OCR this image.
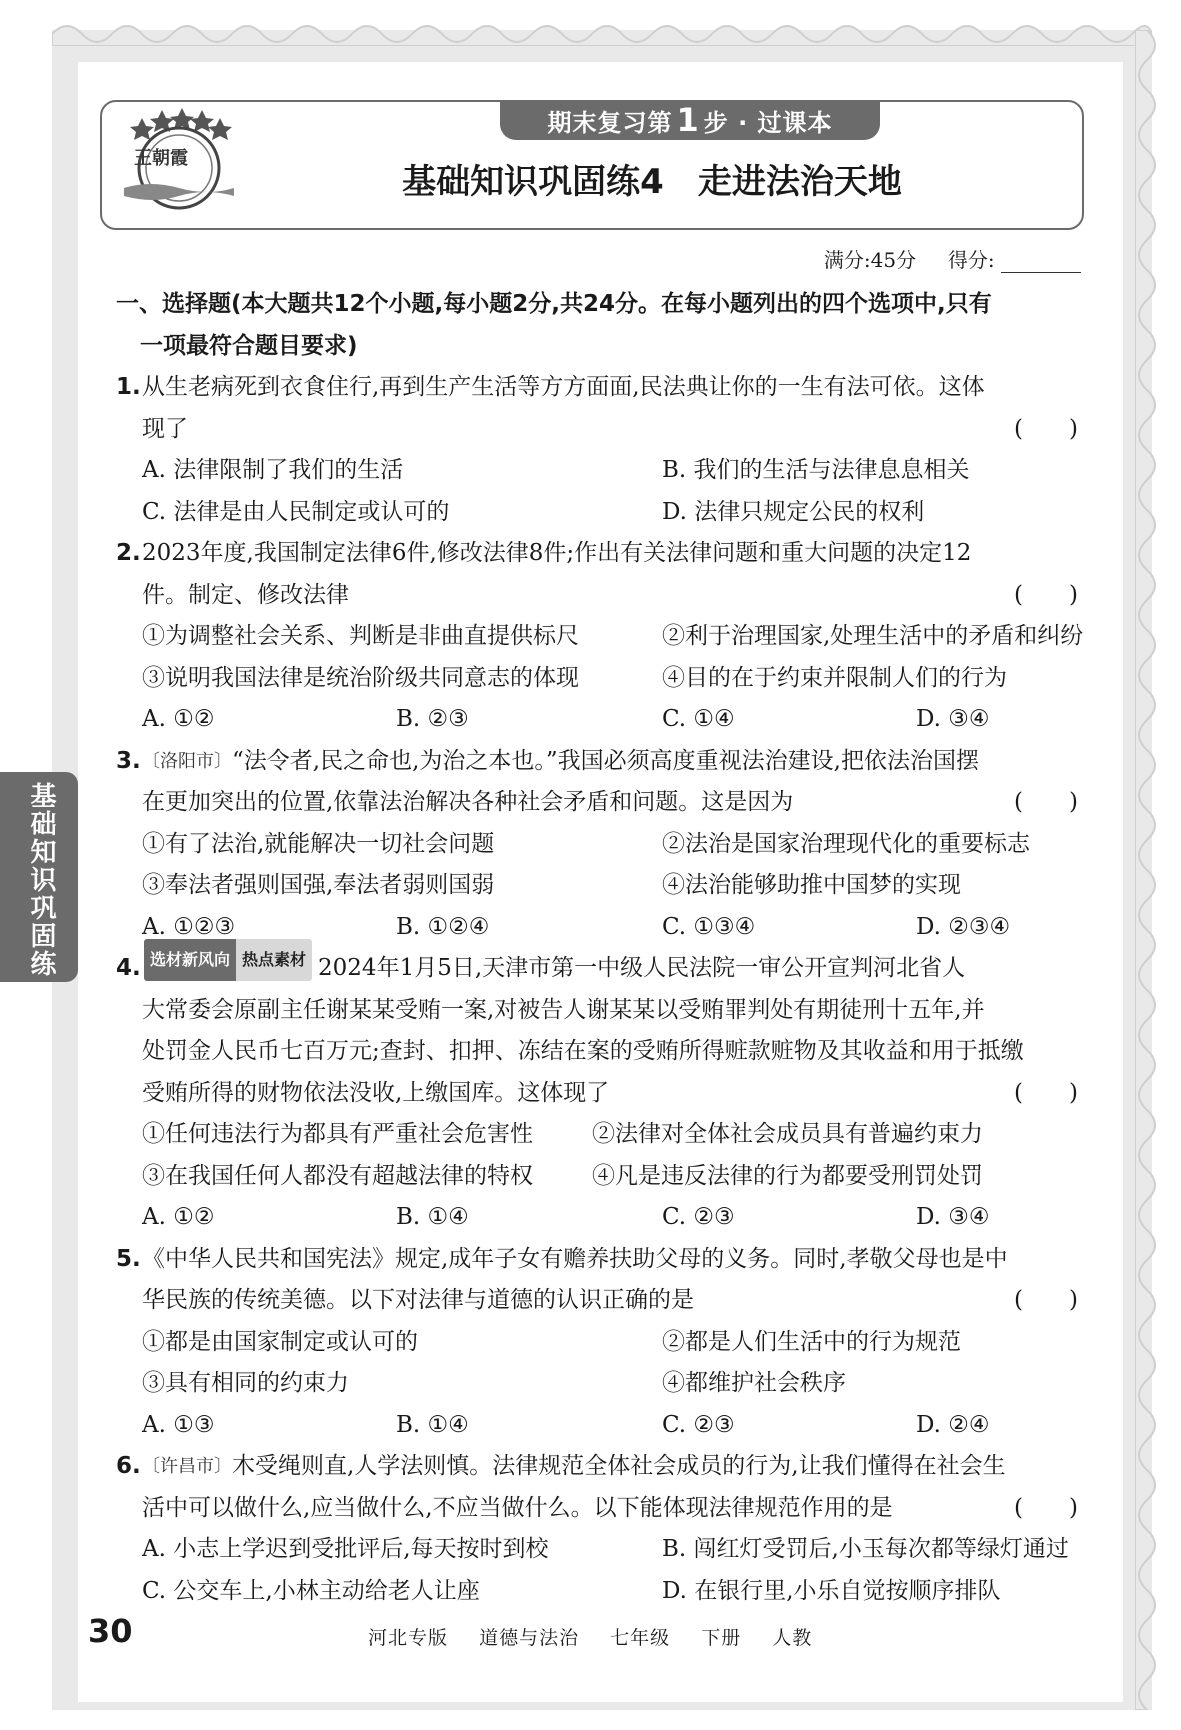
王朝霞
期末复习第 1 步 · 过课本
基础知识巩固练4　走进法治天地
满分:45分 得分:
基础知识巩固练
一、选择题(本大题共12个小题,每小题2分,共24分。在每小题列出的四个选项中,只有
一项最符合题目要求)
1. 从生老病死到衣食住行,再到生产生活等方方面面,民法典让你的一生有法可依。这体
现了	(　　)
A. 法律限制了我们的生活	B. 我们的生活与法律息息相关
C. 法律是由人民制定或认可的	D. 法律只规定公民的权利
2. 2023年度,我国制定法律6件,修改法律8件;作出有关法律问题和重大问题的决定12
件。制定、修改法律	(　　)
①为调整社会关系、判断是非曲直提供标尺	②利于治理国家,处理生活中的矛盾和纠纷
③说明我国法律是统治阶级共同意志的体现	④目的在于约束并限制人们的行为
A. ①②	B. ②③	C. ①④	D. ③④
3. 〔洛阳市〕 “法令者,民之命也,为治之本也。”我国必须高度重视法治建设,把依法治国摆
在更加突出的位置,依靠法治解决各种社会矛盾和问题。这是因为	(　　)
①有了法治,就能解决一切社会问题	②法治是国家治理现代化的重要标志
③奉法者强则国强,奉法者弱则国弱	④法治能够助推中国梦的实现
A. ①②③	B. ①②④	C. ①③④	D. ②③④
4. 选材新风向 热点素材 2024年1月5日,天津市第一中级人民法院一审公开宣判河北省人
大常委会原副主任谢某某受贿一案,对被告人谢某某以受贿罪判处有期徒刑十五年,并
处罚金人民币七百万元;查封、扣押、冻结在案的受贿所得赃款赃物及其收益和用于抵缴
受贿所得的财物依法没收,上缴国库。这体现了	(　　)
①任何违法行为都具有严重社会危害性	②法律对全体社会成员具有普遍约束力
③在我国任何人都没有超越法律的特权	④凡是违反法律的行为都要受刑罚处罚
A. ①②	B. ①④	C. ②③	D. ③④
5. 《中华人民共和国宪法》规定,成年子女有赡养扶助父母的义务。同时,孝敬父母也是中
华民族的传统美德。以下对法律与道德的认识正确的是	(　　)
①都是由国家制定或认可的	②都是人们生活中的行为规范
③具有相同的约束力	④都维护社会秩序
A. ①③	B. ①④	C. ②③	D. ②④
6. 〔许昌市〕 木受绳则直,人学法则慎。法律规范全体社会成员的行为,让我们懂得在社会生
活中可以做什么,应当做什么,不应当做什么。以下能体现法律规范作用的是	(　　)
A. 小志上学迟到受批评后,每天按时到校	B. 闯红灯受罚后,小玉每次都等绿灯通过
C. 公交车上,小林主动给老人让座	D. 在银行里,小乐自觉按顺序排队
30	河北专版 道德与法治 七年级 下册 人教
